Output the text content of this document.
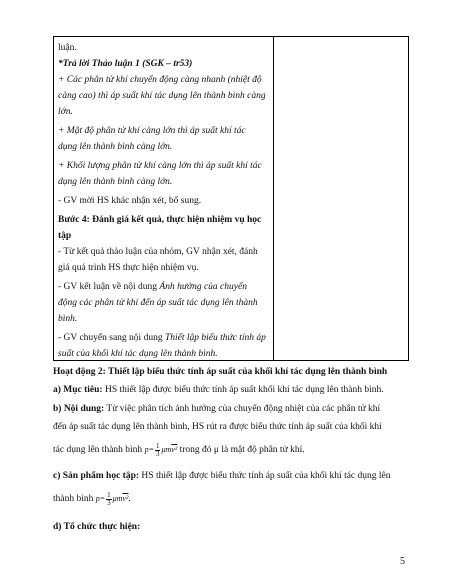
luận.
*Trả lời Thảo luận 1 (SGK – tr53)
+ Các phân tử khí chuyển động càng nhanh (nhiệt độ
càng cao) thì áp suất khí tác dụng lên thành bình càng
lớn.
+ Mật độ phân tử khí càng lớn thì áp suất khí tác
dụng lên thành bình càng lớn.
+ Khối lượng phân tử khí càng lớn thì áp suất khí tác
dụng lên thành bình càng lớn.
- GV mời HS khác nhận xét, bổ sung.
Bước 4: Đánh giá kết quả, thực hiện nhiệm vụ học
tập
- Từ kết quả thảo luận của nhóm, GV nhận xét, đánh
giá quá trình HS thực hiện nhiệm vụ.
- GV kết luận về nội dung Ảnh hưởng của chuyển
động các phân tử khí đến áp suất tác dụng lên thành
bình.
- GV chuyển sang nội dung Thiết lập biểu thức tính áp
suất của khối khí tác dụng lên thành bình.
Hoạt động 2: Thiết lập biểu thức tính áp suất của khối khí tác dụng lên thành bình
a) Mục tiêu: HS thiết lập được biểu thức tính áp suất khối khí tác dụng lên thành bình.
b) Nội dung: Từ việc phân tích ảnh hưởng của chuyển động nhiệt của các phân tử khí
đến áp suất tác dụng lên thành bình, HS rút ra được biểu thức tính áp suất của khối khí
tác dụng lên thành bình $p= \frac{1}{3}$ μm v² trong đó μ là mật độ phân tử khí.
c) Sản phẩm học tập: HS thiết lập được biểu thức tính áp suất của khối khí tác dụng lên
thành bình $p= \frac{1}{3}$ μm v² .
d) Tổ chức thực hiện:
5
